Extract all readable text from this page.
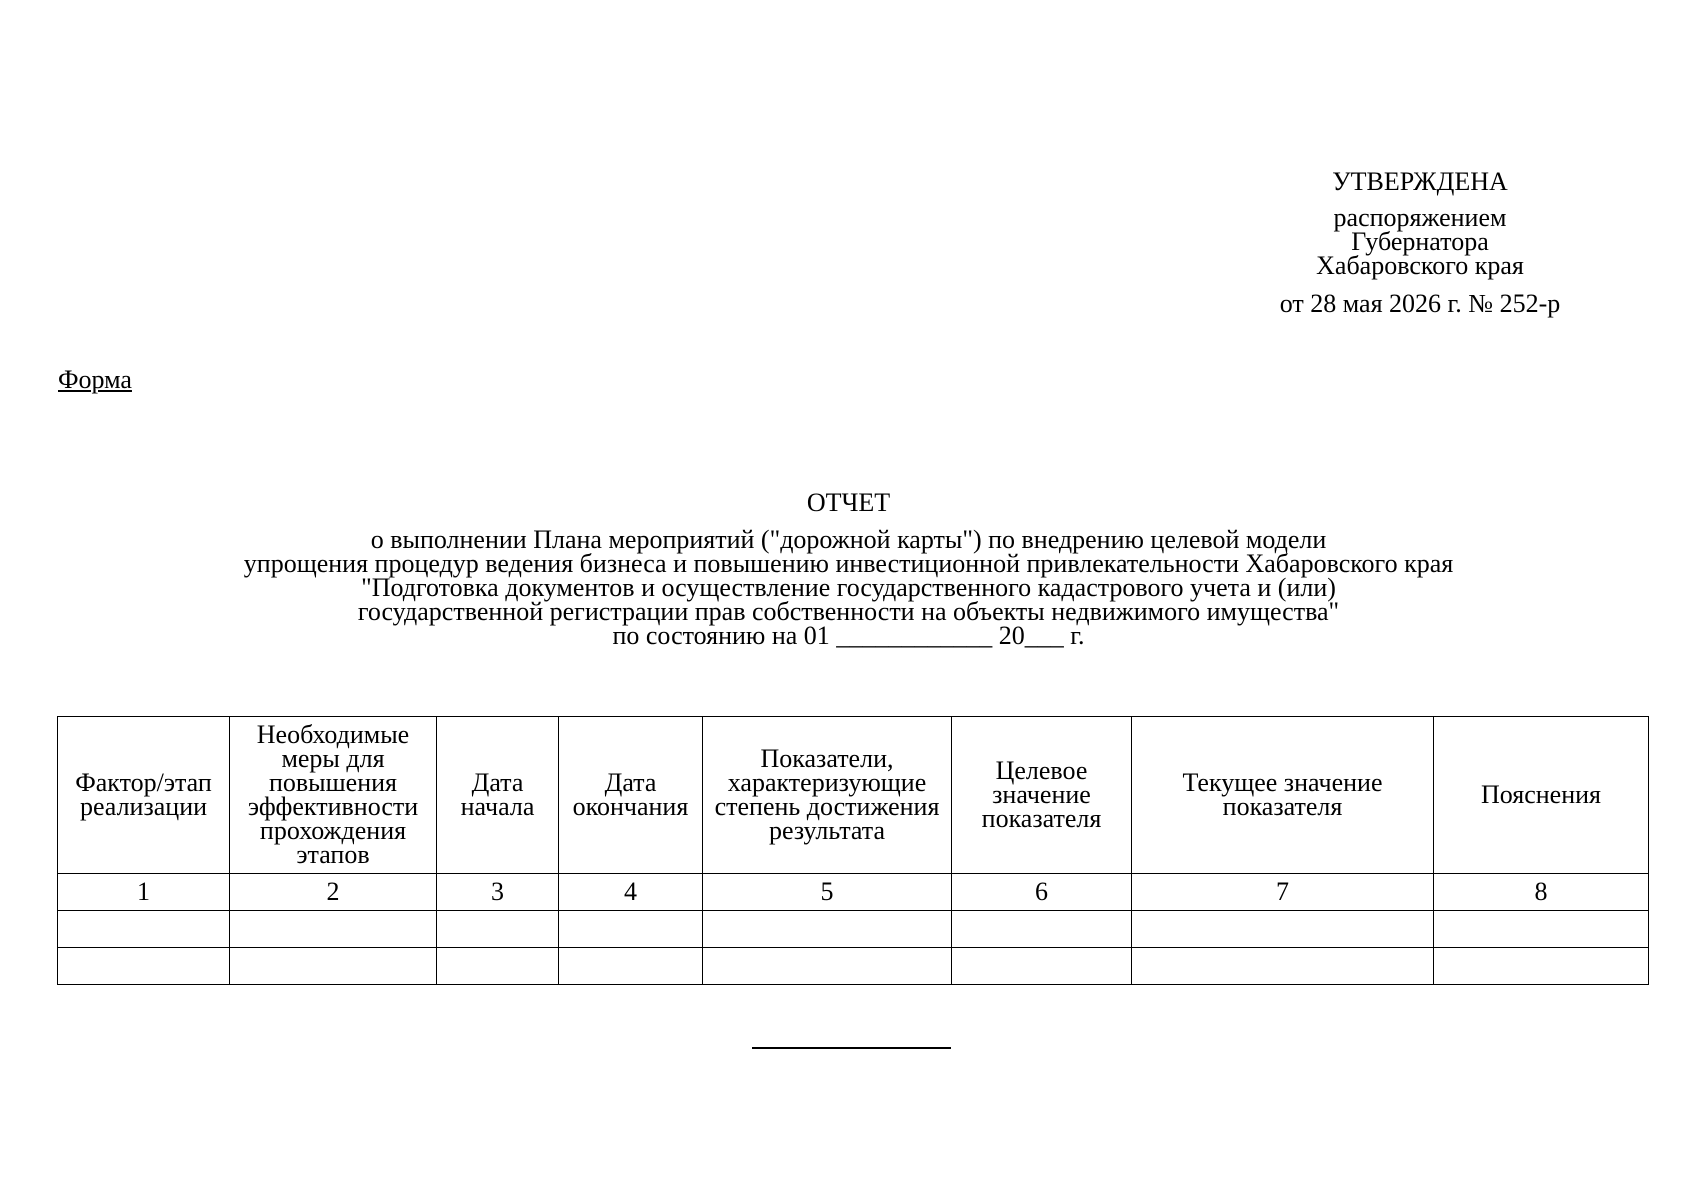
УТВЕРЖДЕНА
распоряжением
Губернатора
Хабаровского края
от 28 мая 2026 г. № 252-р
Форма
ОТЧЕТ
о выполнении Плана мероприятий ("дорожной карты") по внедрению целевой модели
упрощения процедур ведения бизнеса и повышению инвестиционной привлекательности Хабаровского края
"Подготовка документов и осуществление государственного кадастрового учета и (или)
государственной регистрации прав собственности на объекты недвижимого имущества"
по состоянию на 01 ____________ 20___ г.
Фактор/этап реализации	Необходимые меры для повышения эффективности прохождения этапов	Дата начала	Дата окончания	Показатели, характеризующие степень достижения результата	Целевое значение показателя	Текущее значение показателя	Пояснения
1	2	3	4	5	6	7	8
